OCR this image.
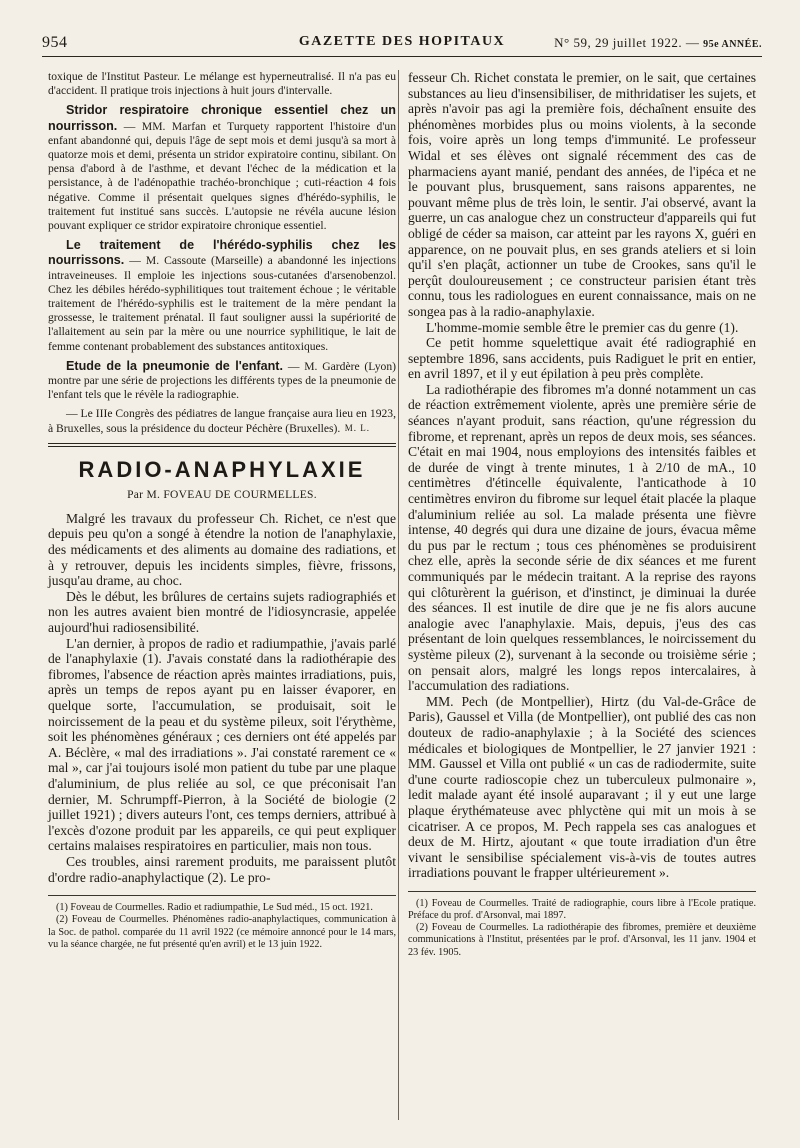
954	GAZETTE DES HOPITAUX	N° 59, 29 juillet 1922. — 95e ANNÉE.

toxique de l'Institut Pasteur. Le mélange est hyperneutralisé. Il n'a pas eu d'accident. Il pratique trois injections à huit jours d'intervalle.

Stridor respiratoire chronique essentiel chez un nourrisson. — MM. Marfan et Turquety rapportent l'histoire d'un enfant abandonné qui, depuis l'âge de sept mois et demi jusqu'à sa mort à quatorze mois et demi, présenta un stridor expiratoire continu, sibilant. On pensa d'abord à de l'asthme, et devant l'échec de la médication et la persistance, à de l'adénopathie trachéo-bronchique ; cuti-réaction 4 fois négative. Comme il présentait quelques signes d'hérédo-syphilis, le traitement fut institué sans succès. L'autopsie ne révéla aucune lésion pouvant expliquer ce stridor expiratoire chronique essentiel.

Le traitement de l'hérédo-syphilis chez les nourrissons. — M. Cassoute (Marseille) a abandonné les injections intraveineuses. Il emploie les injections sous-cutanées d'arsenobenzol. Chez les débiles hérédo-syphilitiques tout traitement échoue ; le véritable traitement de l'hérédo-syphilis est le traitement de la mère pendant la grossesse, le traitement prénatal. Il faut souligner aussi la supériorité de l'allaitement au sein par la mère ou une nourrice syphilitique, le lait de femme contenant probablement des substances antitoxiques.

Etude de la pneumonie de l'enfant. — M. Gardère (Lyon) montre par une série de projections les différents types de la pneumonie de l'enfant tels que le révèle la radiographie.

— Le IIIe Congrès des pédiatres de langue française aura lieu en 1923, à Bruxelles, sous la présidence du docteur Péchère (Bruxelles). M. L.
RADIO-ANAPHYLAXIE
Par M. FOVEAU DE COURMELLES.

Malgré les travaux du professeur Ch. Richet, ce n'est que depuis peu qu'on a songé à étendre la notion de l'anaphylaxie, des médicaments et des aliments au domaine des radiations, et à y retrouver, depuis les incidents simples, fièvre, frissons, jusqu'au drame, au choc.

Dès le début, les brûlures de certains sujets radiographiés et non les autres avaient bien montré de l'idiosyncrasie, appelée aujourd'hui radiosensibilité.

L'an dernier, à propos de radio et radiumpathie, j'avais parlé de l'anaphylaxie (1). J'avais constaté dans la radiothérapie des fibromes, l'absence de réaction après maintes irradiations, puis, après un temps de repos ayant pu en laisser évaporer, en quelque sorte, l'accumulation, se produisait, soit le noircissement de la peau et du système pileux, soit l'érythème, soit les phénomènes généraux ; ces derniers ont été appelés par A. Béclère, « mal des irradiations ». J'ai constaté rarement ce « mal », car j'ai toujours isolé mon patient du tube par une plaque d'aluminium, de plus reliée au sol, ce que préconisait l'an dernier, M. Schrumpff-Pierron, à la Société de biologie (2 juillet 1921) ; divers auteurs l'ont, ces temps derniers, attribué à l'excès d'ozone produit par les appareils, ce qui peut expliquer certains malaises respiratoires en particulier, mais non tous.

Ces troubles, ainsi rarement produits, me paraissent plutôt d'ordre radio-anaphylactique (2). Le pro-

(1) Foveau de Courmelles. Radio et radiumpathie, Le Sud méd., 15 oct. 1921.

(2) Foveau de Courmelles. Phénomènes radio-anaphylactiques, communication à la Soc. de pathol. comparée du 11 avril 1922 (ce mémoire annoncé pour le 14 mars, vu la séance chargée, ne fut présenté qu'en avril) et le 13 juin 1922.

fesseur Ch. Richet constata le premier, on le sait, que certaines substances au lieu d'insensibiliser, de mithridatiser les sujets, et après n'avoir pas agi la première fois, déchaînent ensuite des phénomènes morbides plus ou moins violents, à la seconde fois, voire après un long temps d'immunité. Le professeur Widal et ses élèves ont signalé récemment des cas de pharmaciens ayant manié, pendant des années, de l'ipéca et ne le pouvant plus, brusquement, sans raisons apparentes, ne pouvant même plus de très loin, le sentir. J'ai observé, avant la guerre, un cas analogue chez un constructeur d'appareils qui fut obligé de céder sa maison, car atteint par les rayons X, guéri en apparence, on ne pouvait plus, en ses grands ateliers et si loin qu'il s'en plaçât, actionner un tube de Crookes, sans qu'il le perçût douloureusement ; ce constructeur parisien étant très connu, tous les radiologues en eurent connaissance, mais on ne songea pas à la radio-anaphylaxie.

L'homme-momie semble être le premier cas du genre (1).

Ce petit homme squelettique avait été radiographié en septembre 1896, sans accidents, puis Radiguet le prit en entier, en avril 1897, et il y eut épilation à peu près complète.

La radiothérapie des fibromes m'a donné notamment un cas de réaction extrêmement violente, après une première série de séances n'ayant produit, sans réaction, qu'une régression du fibrome, et reprenant, après un repos de deux mois, ses séances. C'était en mai 1904, nous employions des intensités faibles et de durée de vingt à trente minutes, 1 à 2/10 de mA., 10 centimètres d'étincelle équivalente, l'anticathode à 10 centimètres environ du fibrome sur lequel était placée la plaque d'aluminium reliée au sol. La malade présenta une fièvre intense, 40 degrés qui dura une dizaine de jours, évacua même du pus par le rectum ; tous ces phénomènes se produisirent chez elle, après la seconde série de dix séances et me furent communiqués par le médecin traitant. A la reprise des rayons qui clôturèrent la guérison, et d'instinct, je diminuai la durée des séances. Il est inutile de dire que je ne fis alors aucune analogie avec l'anaphylaxie. Mais, depuis, j'eus des cas présentant de loin quelques ressemblances, le noircissement du système pileux (2), survenant à la seconde ou troisième série ; on pensait alors, malgré les longs repos intercalaires, à l'accumulation des radiations.

MM. Pech (de Montpellier), Hirtz (du Val-de-Grâce de Paris), Gaussel et Villa (de Montpellier), ont publié des cas non douteux de radio-anaphylaxie ; à la Société des sciences médicales et biologiques de Montpellier, le 27 janvier 1921 : MM. Gaussel et Villa ont publié « un cas de radiodermite, suite d'une courte radioscopie chez un tuberculeux pulmonaire », ledit malade ayant été insolé auparavant ; il y eut une large plaque érythémateuse avec phlyctène qui mit un mois à se cicatriser. A ce propos, M. Pech rappela ses cas analogues et deux de M. Hirtz, ajoutant « que toute irradiation d'un être vivant le sensibilise spécialement vis-à-vis de toutes autres irradiations pouvant le frapper ultérieurement ».

(1) Foveau de Courmelles. Traité de radiographie, cours libre à l'Ecole pratique. Préface du prof. d'Arsonval, mai 1897.

(2) Foveau de Courmelles. La radiothérapie des fibromes, première et deuxième communications à l'Institut, présentées par le prof. d'Arsonval, les 11 janv. 1904 et 23 fév. 1905.
